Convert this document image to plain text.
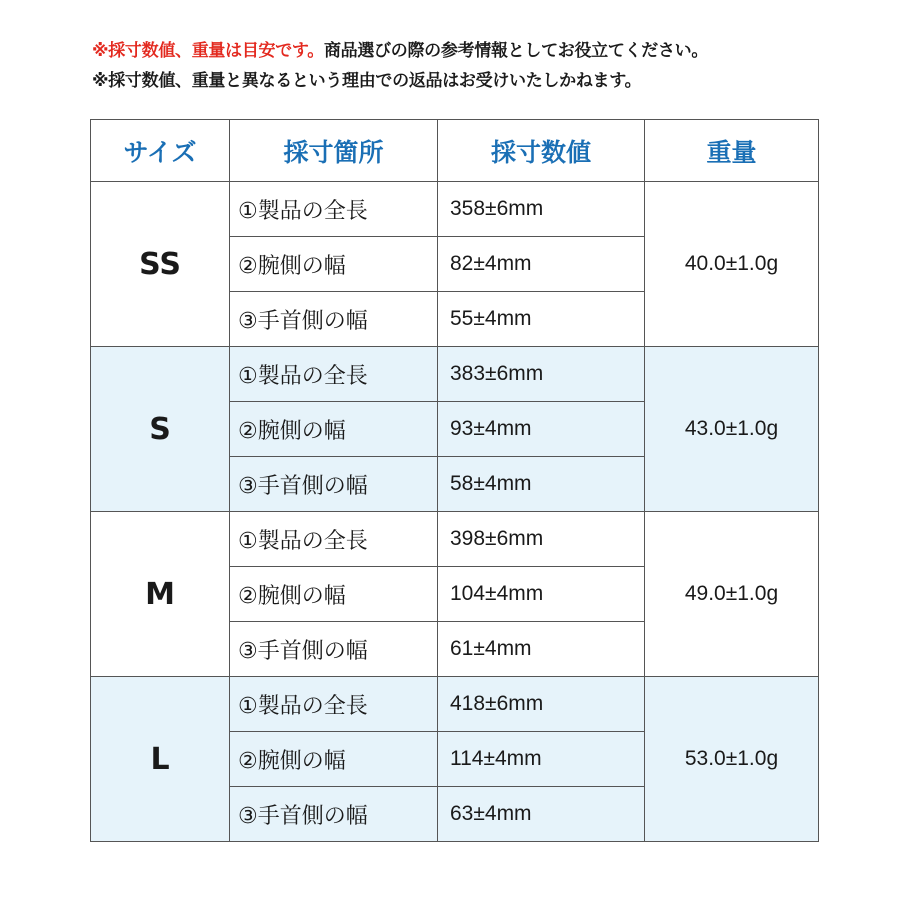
※採寸数値、重量は目安です。商品選びの際の参考情報としてお役立てください。
※採寸数値、重量と異なるという理由での返品はお受けいたしかねます。
サイズ	採寸箇所	採寸数値	重量
SS	①製品の全長	358±6mm	40.0±1.0g
	②腕側の幅	82±4mm	
	③手首側の幅	55±4mm	
S	①製品の全長	383±6mm	43.0±1.0g
	②腕側の幅	93±4mm	
	③手首側の幅	58±4mm	
M	①製品の全長	398±6mm	49.0±1.0g
	②腕側の幅	104±4mm	
	③手首側の幅	61±4mm	
L	①製品の全長	418±6mm	53.0±1.0g
	②腕側の幅	114±4mm	
	③手首側の幅	63±4mm	
